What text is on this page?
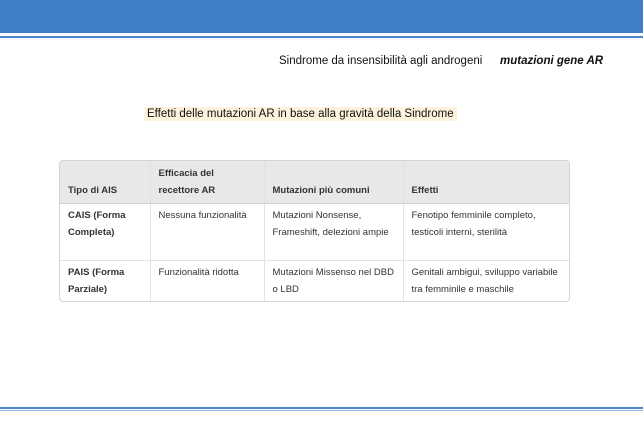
Sindrome da insensibilità agli androgeni mutazioni gene AR
Effetti delle mutazioni AR in base alla gravità della Sindrome
Tipo di AIS	Efficacia del recettore AR	Mutazioni più comuni	Effetti
CAIS (Forma Completa)	Nessuna funzionalità	Mutazioni Nonsense, Frameshift, delezioni ampie	Fenotipo femminile completo, testicoli interni, sterilità
PAIS (Forma Parziale)	Funzionalità ridotta	Mutazioni Missenso nel DBD o LBD	Genitali ambigui, sviluppo variabile tra femminile e maschile
